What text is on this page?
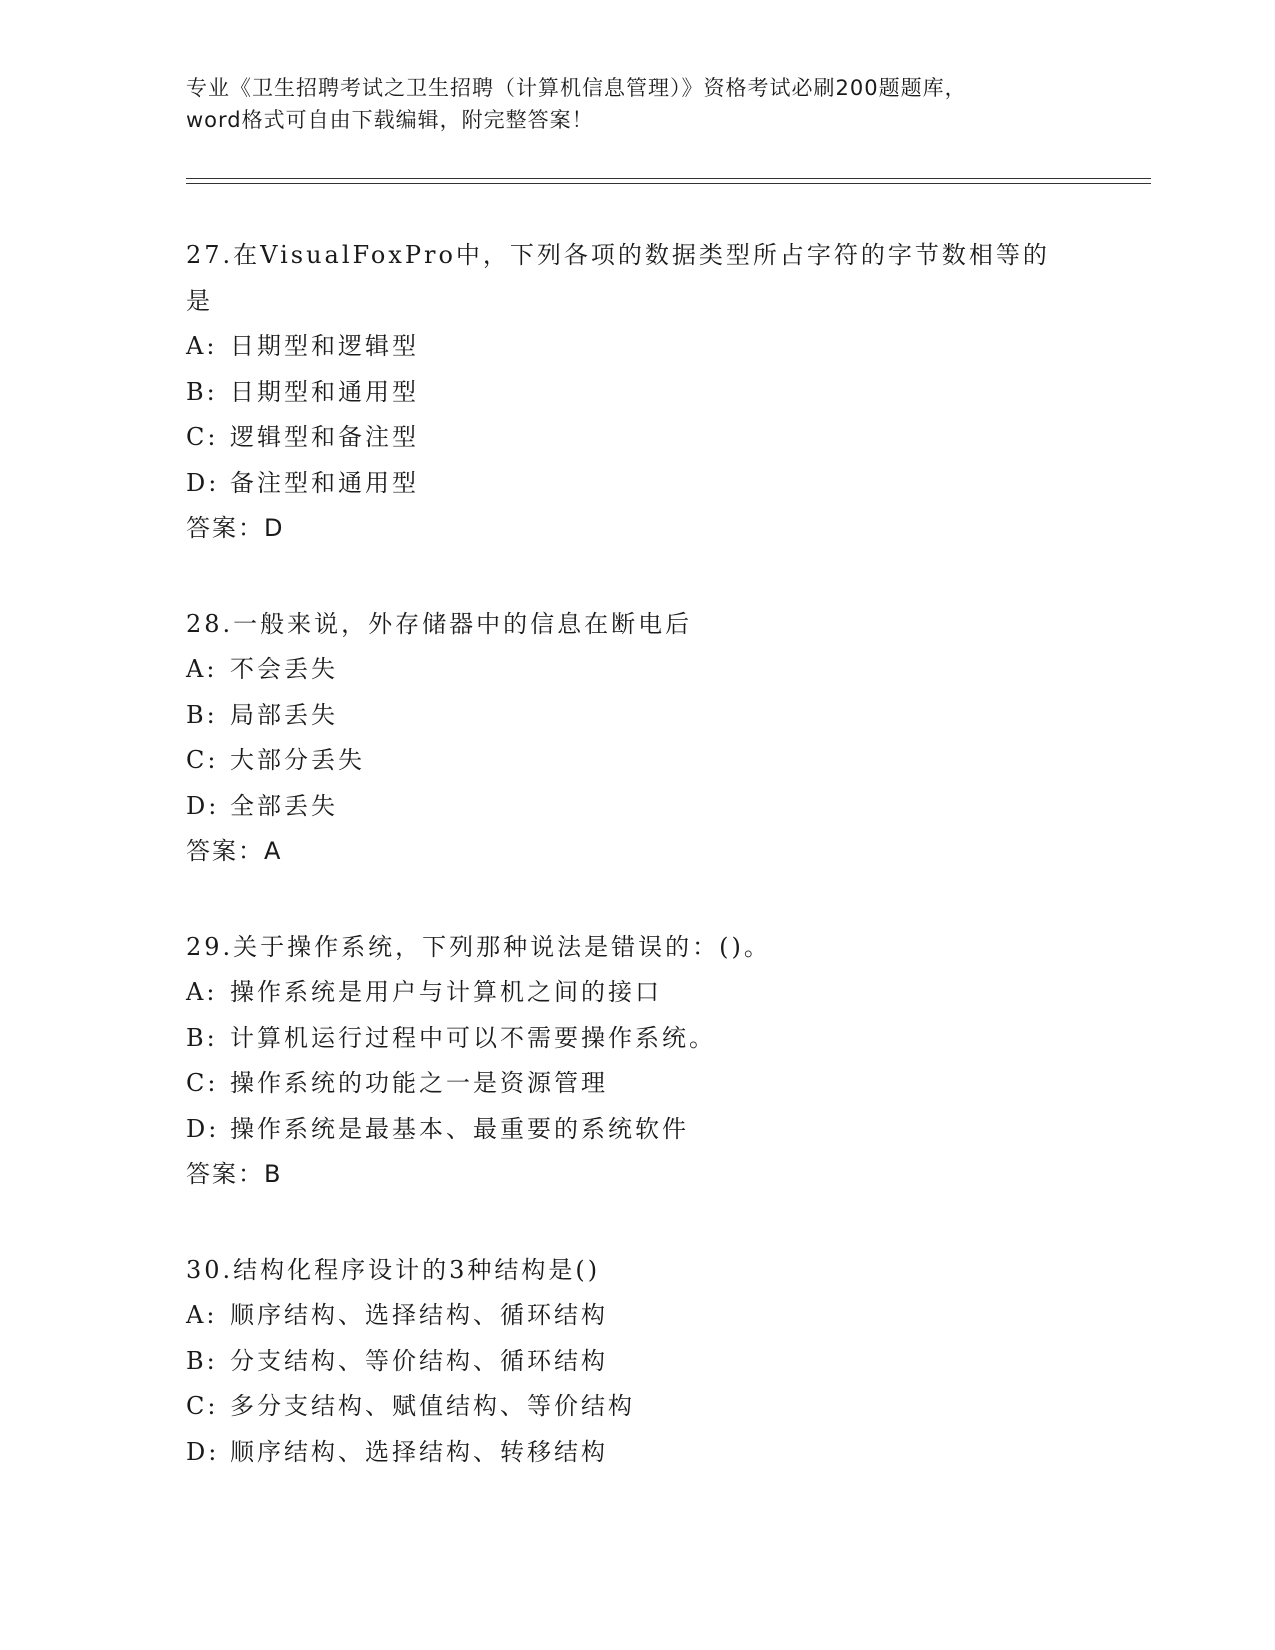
专业《卫生招聘考试之卫生招聘（计算机信息管理）》资格考试必刷200题题库，

word格式可自由下载编辑，附完整答案！

27.在VisualFoxPro中，下列各项的数据类型所占字符的字节数相等的是

A: 日期型和逻辑型

B: 日期型和通用型

C: 逻辑型和备注型

D: 备注型和通用型

答案：D

28.一般来说，外存储器中的信息在断电后

A: 不会丢失

B: 局部丢失

C: 大部分丢失

D: 全部丢失

答案：A

29.关于操作系统，下列那种说法是错误的：()。

A: 操作系统是用户与计算机之间的接口

B: 计算机运行过程中可以不需要操作系统。

C: 操作系统的功能之一是资源管理

D: 操作系统是最基本、最重要的系统软件

答案：B

30.结构化程序设计的3种结构是()

A: 顺序结构、选择结构、循环结构

B: 分支结构、等价结构、循环结构

C: 多分支结构、赋值结构、等价结构

D: 顺序结构、选择结构、转移结构
